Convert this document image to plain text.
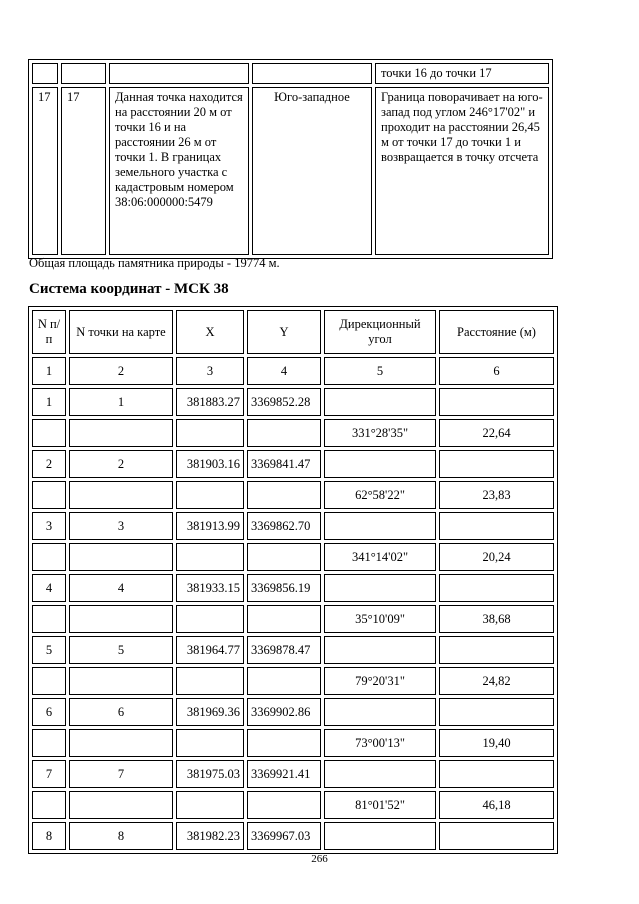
				точки 16 до точки 17
17	17	Данная точка находится на расстоянии 20 м от точки 16 и на расстоянии 26 м от точки 1. В границах земельного участка с кадастровым номером 38:06:000000:5479	Юго-западное	Граница поворачивает на юго-запад под углом 246°17'02" и проходит на расстоянии 26,45 м от точки 17 до точки 1 и возвращается в точку отсчета
Общая площадь памятника природы - 19774 м.
Система координат - МСК 38
N п/п	N точки на карте	X	Y	Дирекционный угол	Расстояние (м)
1	2	3	4	5	6
1	1	381883.27	3369852.28		
				331°28'35"	22,64
2	2	381903.16	3369841.47		
				62°58'22"	23,83
3	3	381913.99	3369862.70		
				341°14'02"	20,24
4	4	381933.15	3369856.19		
				35°10'09"	38,68
5	5	381964.77	3369878.47		
				79°20'31"	24,82
6	6	381969.36	3369902.86		
				73°00'13"	19,40
7	7	381975.03	3369921.41		
				81°01'52"	46,18
8	8	381982.23	3369967.03		
266
